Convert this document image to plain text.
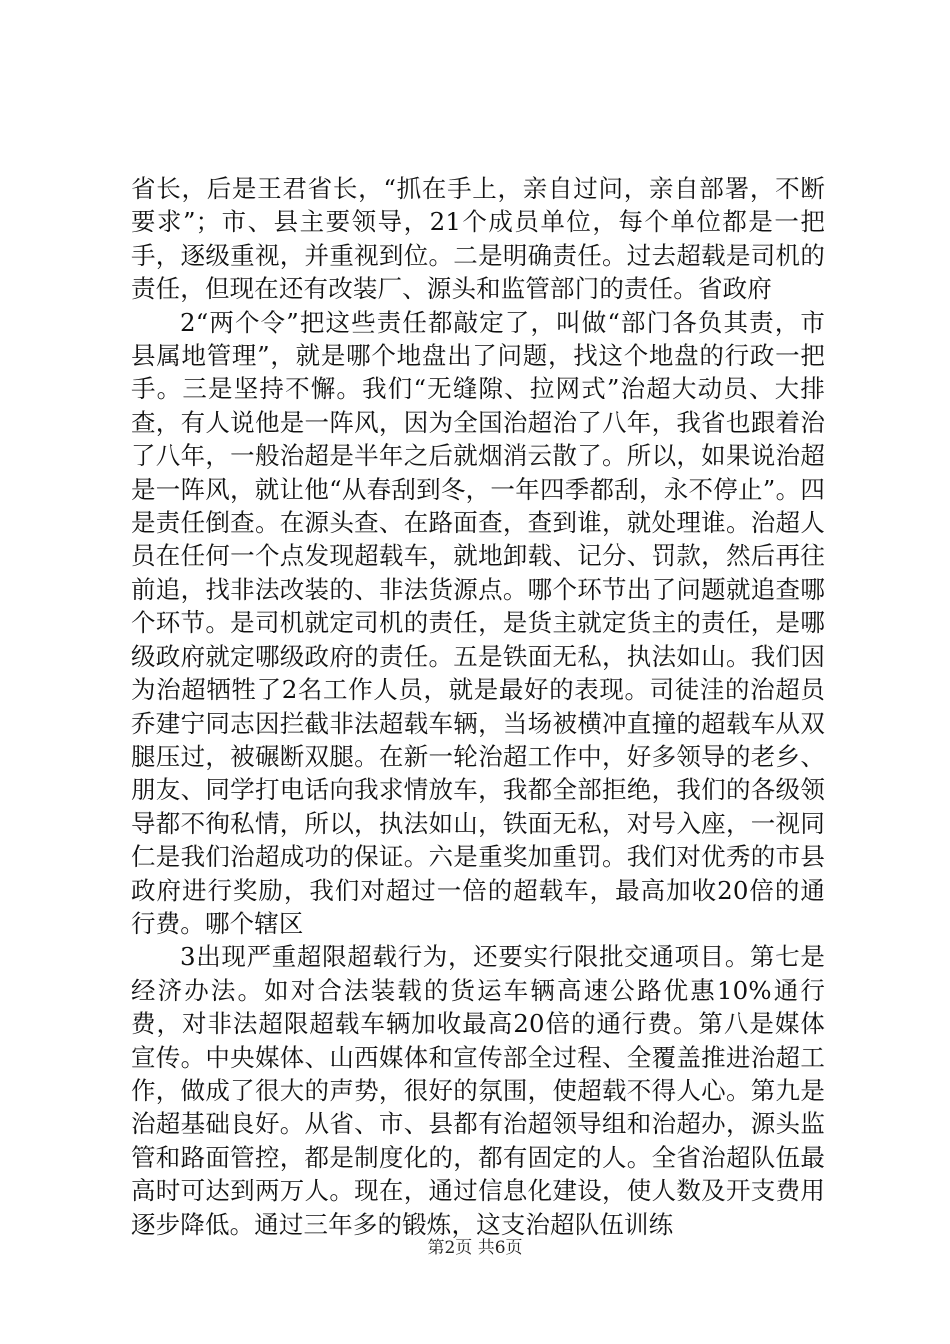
省长，后是王君省长，“抓在手上，亲自过问，亲自部署，不断要求”；市、县主要领导，21个成员单位，每个单位都是一把手，逐级重视，并重视到位。二是明确责任。过去超载是司机的责任，但现在还有改装厂、源头和监管部门的责任。省政府

2“两个令”把这些责任都敲定了，叫做“部门各负其责，市县属地管理”，就是哪个地盘出了问题，找这个地盘的行政一把手。三是坚持不懈。我们“无缝隙、拉网式”治超大动员、大排查，有人说他是一阵风，因为全国治超治了八年，我省也跟着治了八年，一般治超是半年之后就烟消云散了。所以，如果说治超是一阵风，就让他“从春刮到冬，一年四季都刮，永不停止”。四是责任倒查。在源头查、在路面查，查到谁，就处理谁。治超人员在任何一个点发现超载车，就地卸载、记分、罚款，然后再往前追，找非法改装的、非法货源点。哪个环节出了问题就追查哪个环节。是司机就定司机的责任，是货主就定货主的责任，是哪级政府就定哪级政府的责任。五是铁面无私，执法如山。我们因为治超牺牲了2名工作人员，就是最好的表现。司徒洼的治超员乔建宁同志因拦截非法超载车辆，当场被横冲直撞的超载车从双腿压过，被碾断双腿。在新一轮治超工作中，好多领导的老乡、朋友、同学打电话向我求情放车，我都全部拒绝，我们的各级领导都不徇私情，所以，执法如山，铁面无私，对号入座，一视同仁是我们治超成功的保证。六是重奖加重罚。我们对优秀的市县政府进行奖励，我们对超过一倍的超载车，最高加收20倍的通行费。哪个辖区

3出现严重超限超载行为，还要实行限批交通项目。第七是经济办法。如对合法装载的货运车辆高速公路优惠10%通行费，对非法超限超载车辆加收最高20倍的通行费。第八是媒体宣传。中央媒体、山西媒体和宣传部全过程、全覆盖推进治超工作，做成了很大的声势，很好的氛围，使超载不得人心。第九是治超基础良好。从省、市、县都有治超领导组和治超办，源头监管和路面管控，都是制度化的，都有固定的人。全省治超队伍最高时可达到两万人。现在，通过信息化建设，使人数及开支费用逐步降低。通过三年多的锻炼，这支治超队伍训练

第2页 共6页
